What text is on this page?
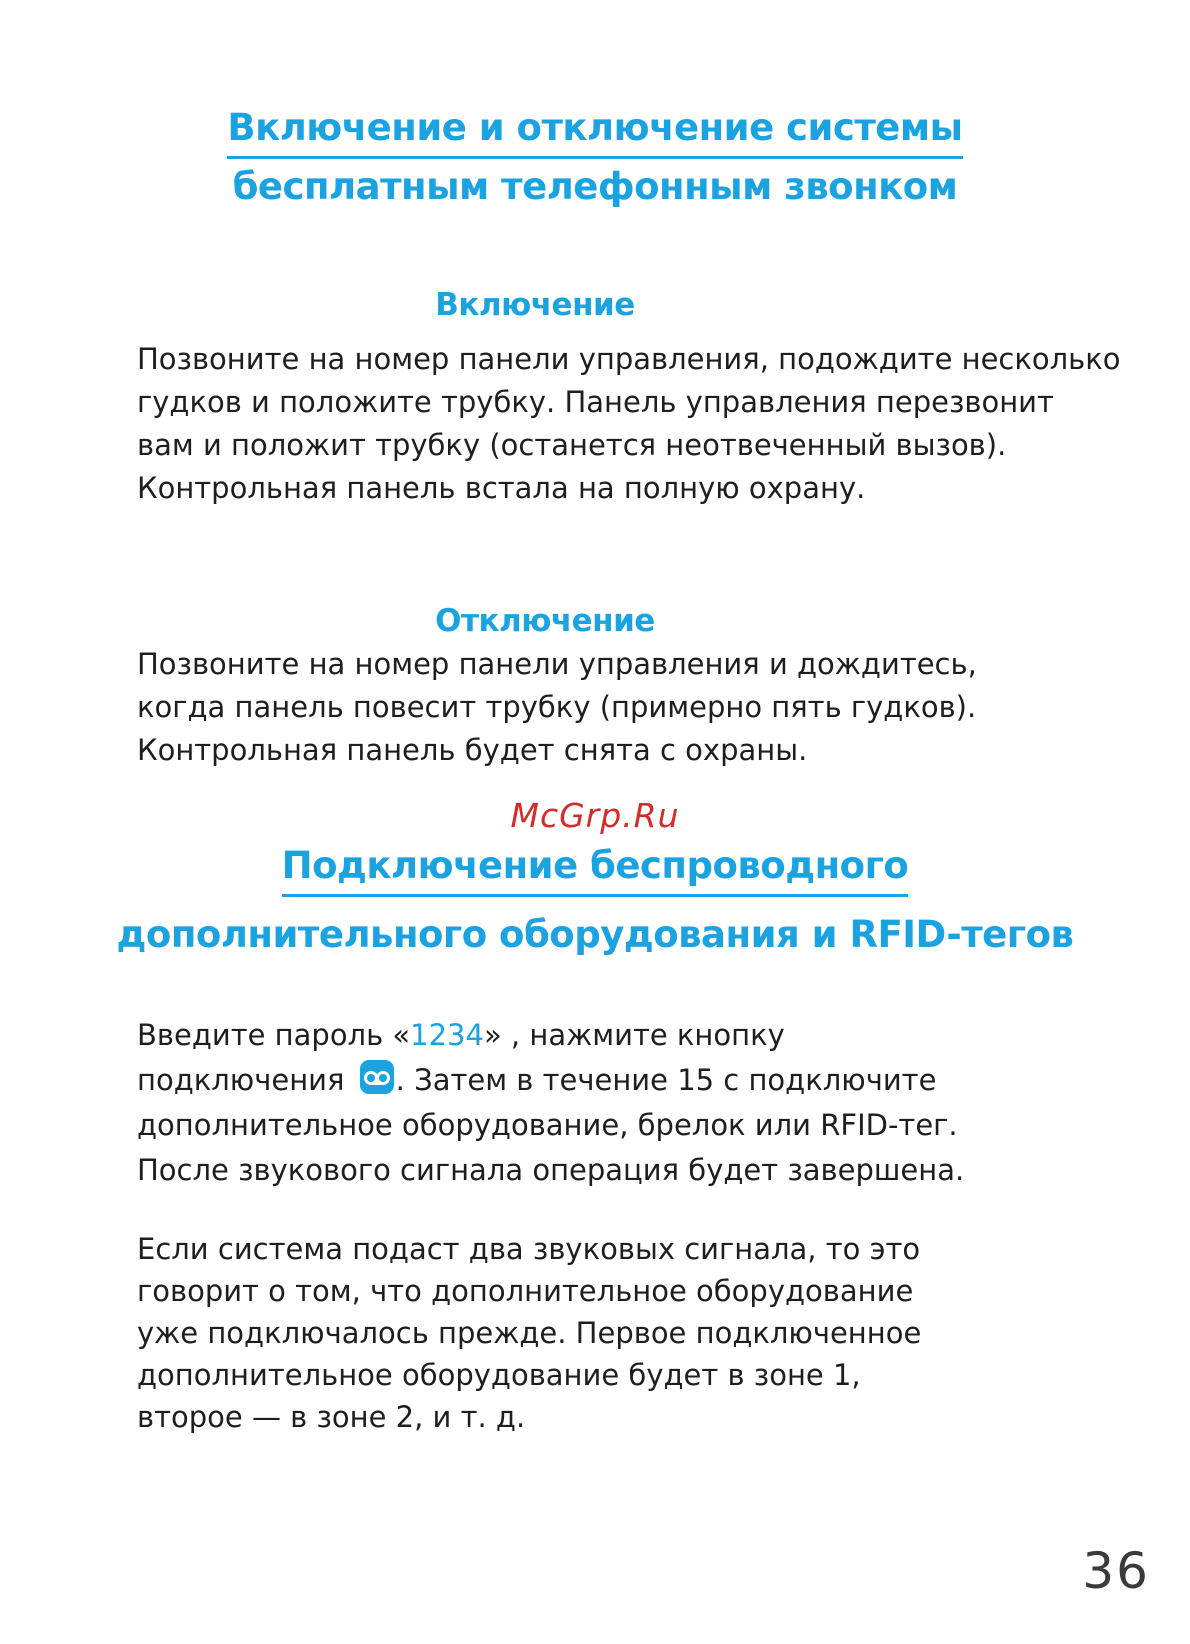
Включение и отключение системы
бесплатным телефонным звонком
Включение
Позвоните на номер панели управления, подождите несколько
гудков и положите трубку. Панель управления перезвонит
вам и положит трубку (останется неотвеченный вызов).
Контрольная панель встала на полную охрану.
Отключение
Позвоните на номер панели управления и дождитесь,
когда панель повесит трубку (примерно пять гудков).
Контрольная панель будет снята с охраны.
McGrp.Ru
Подключение беспроводного
дополнительного оборудования и RFID-тегов
Введите пароль «1234» , нажмите кнопку
подключения
. Затем в течение 15 с подключите
дополнительное оборудование, брелок или RFID-тег.
После звукового сигнала операция будет завершена.
Если система подаст два звуковых сигнала, то это
говорит о том, что дополнительное оборудование
уже подключалось прежде. Первое подключенное
дополнительное оборудование будет в зоне 1,
второе — в зоне 2, и т. д.
36
